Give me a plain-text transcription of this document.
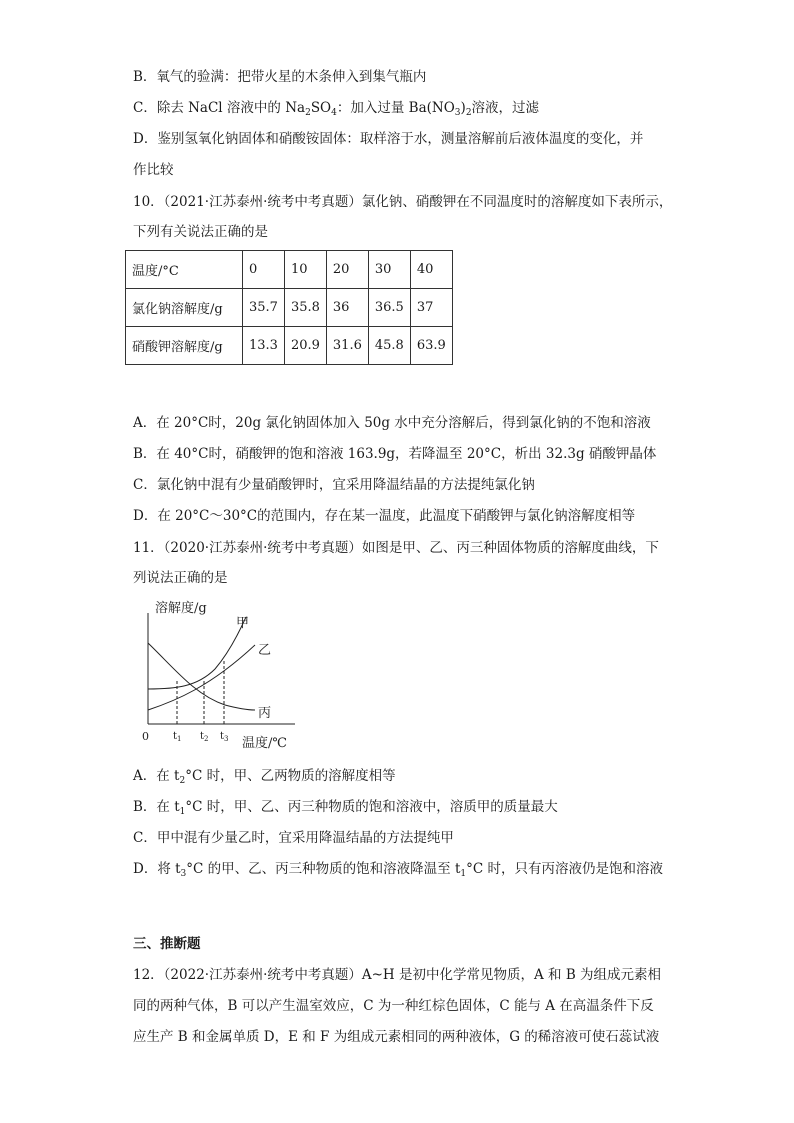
B．氧气的验满：把带火星的木条伸入到集气瓶内
C．除去 NaCl 溶液中的 $Na_2SO_4$：加入过量 $Ba(NO_3)_2$溶液，过滤
D．鉴别氢氧化钠固体和硝酸铵固体：取样溶于水，测量溶解前后液体温度的变化，并
作比较
10．（2021·江苏泰州·统考中考真题）氯化钠、硝酸钾在不同温度时的溶解度如下表所示，
下列有关说法正确的是
温度/°C	0	10	20	30	40
氯化钠溶解度/g	35.7	35.8	36	36.5	37
硝酸钾溶解度/g	13.3	20.9	31.6	45.8	63.9
A．在 20°C时，20g 氯化钠固体加入 50g 水中充分溶解后，得到氯化钠的不饱和溶液
B．在 40°C时，硝酸钾的饱和溶液 163.9g，若降温至 20°C，析出 32.3g 硝酸钾晶体
C．氯化钠中混有少量硝酸钾时，宜采用降温结晶的方法提纯氯化钠
D．在 20°C～30°C的范围内，存在某一温度，此温度下硝酸钾与氯化钠溶解度相等
11．（2020·江苏泰州·统考中考真题）如图是甲、乙、丙三种固体物质的溶解度曲线，下
列说法正确的是
溶解度/g
甲
乙
丙
0 $t_1$ $t_2$ $t_3$ 温度/℃
A．在 $t_2^\circ C$ 时，甲、乙两物质的溶解度相等
B．在 $t_1^\circ C$ 时，甲、乙、丙三种物质的饱和溶液中，溶质甲的质量最大
C．甲中混有少量乙时，宜采用降温结晶的方法提纯甲
D．将 $t_3^\circ C$ 的甲、乙、丙三种物质的饱和溶液降温至 $t_1^\circ C$ 时，只有丙溶液仍是饱和溶液
三、推断题
12．（2022·江苏泰州·统考中考真题）A~H 是初中化学常见物质，A 和 B 为组成元素相
同的两种气体，B 可以产生温室效应，C 为一种红棕色固体，C 能与 A 在高温条件下反
应生产 B 和金属单质 D，E 和 F 为组成元素相同的两种液体，G 的稀溶液可使石蕊试液
